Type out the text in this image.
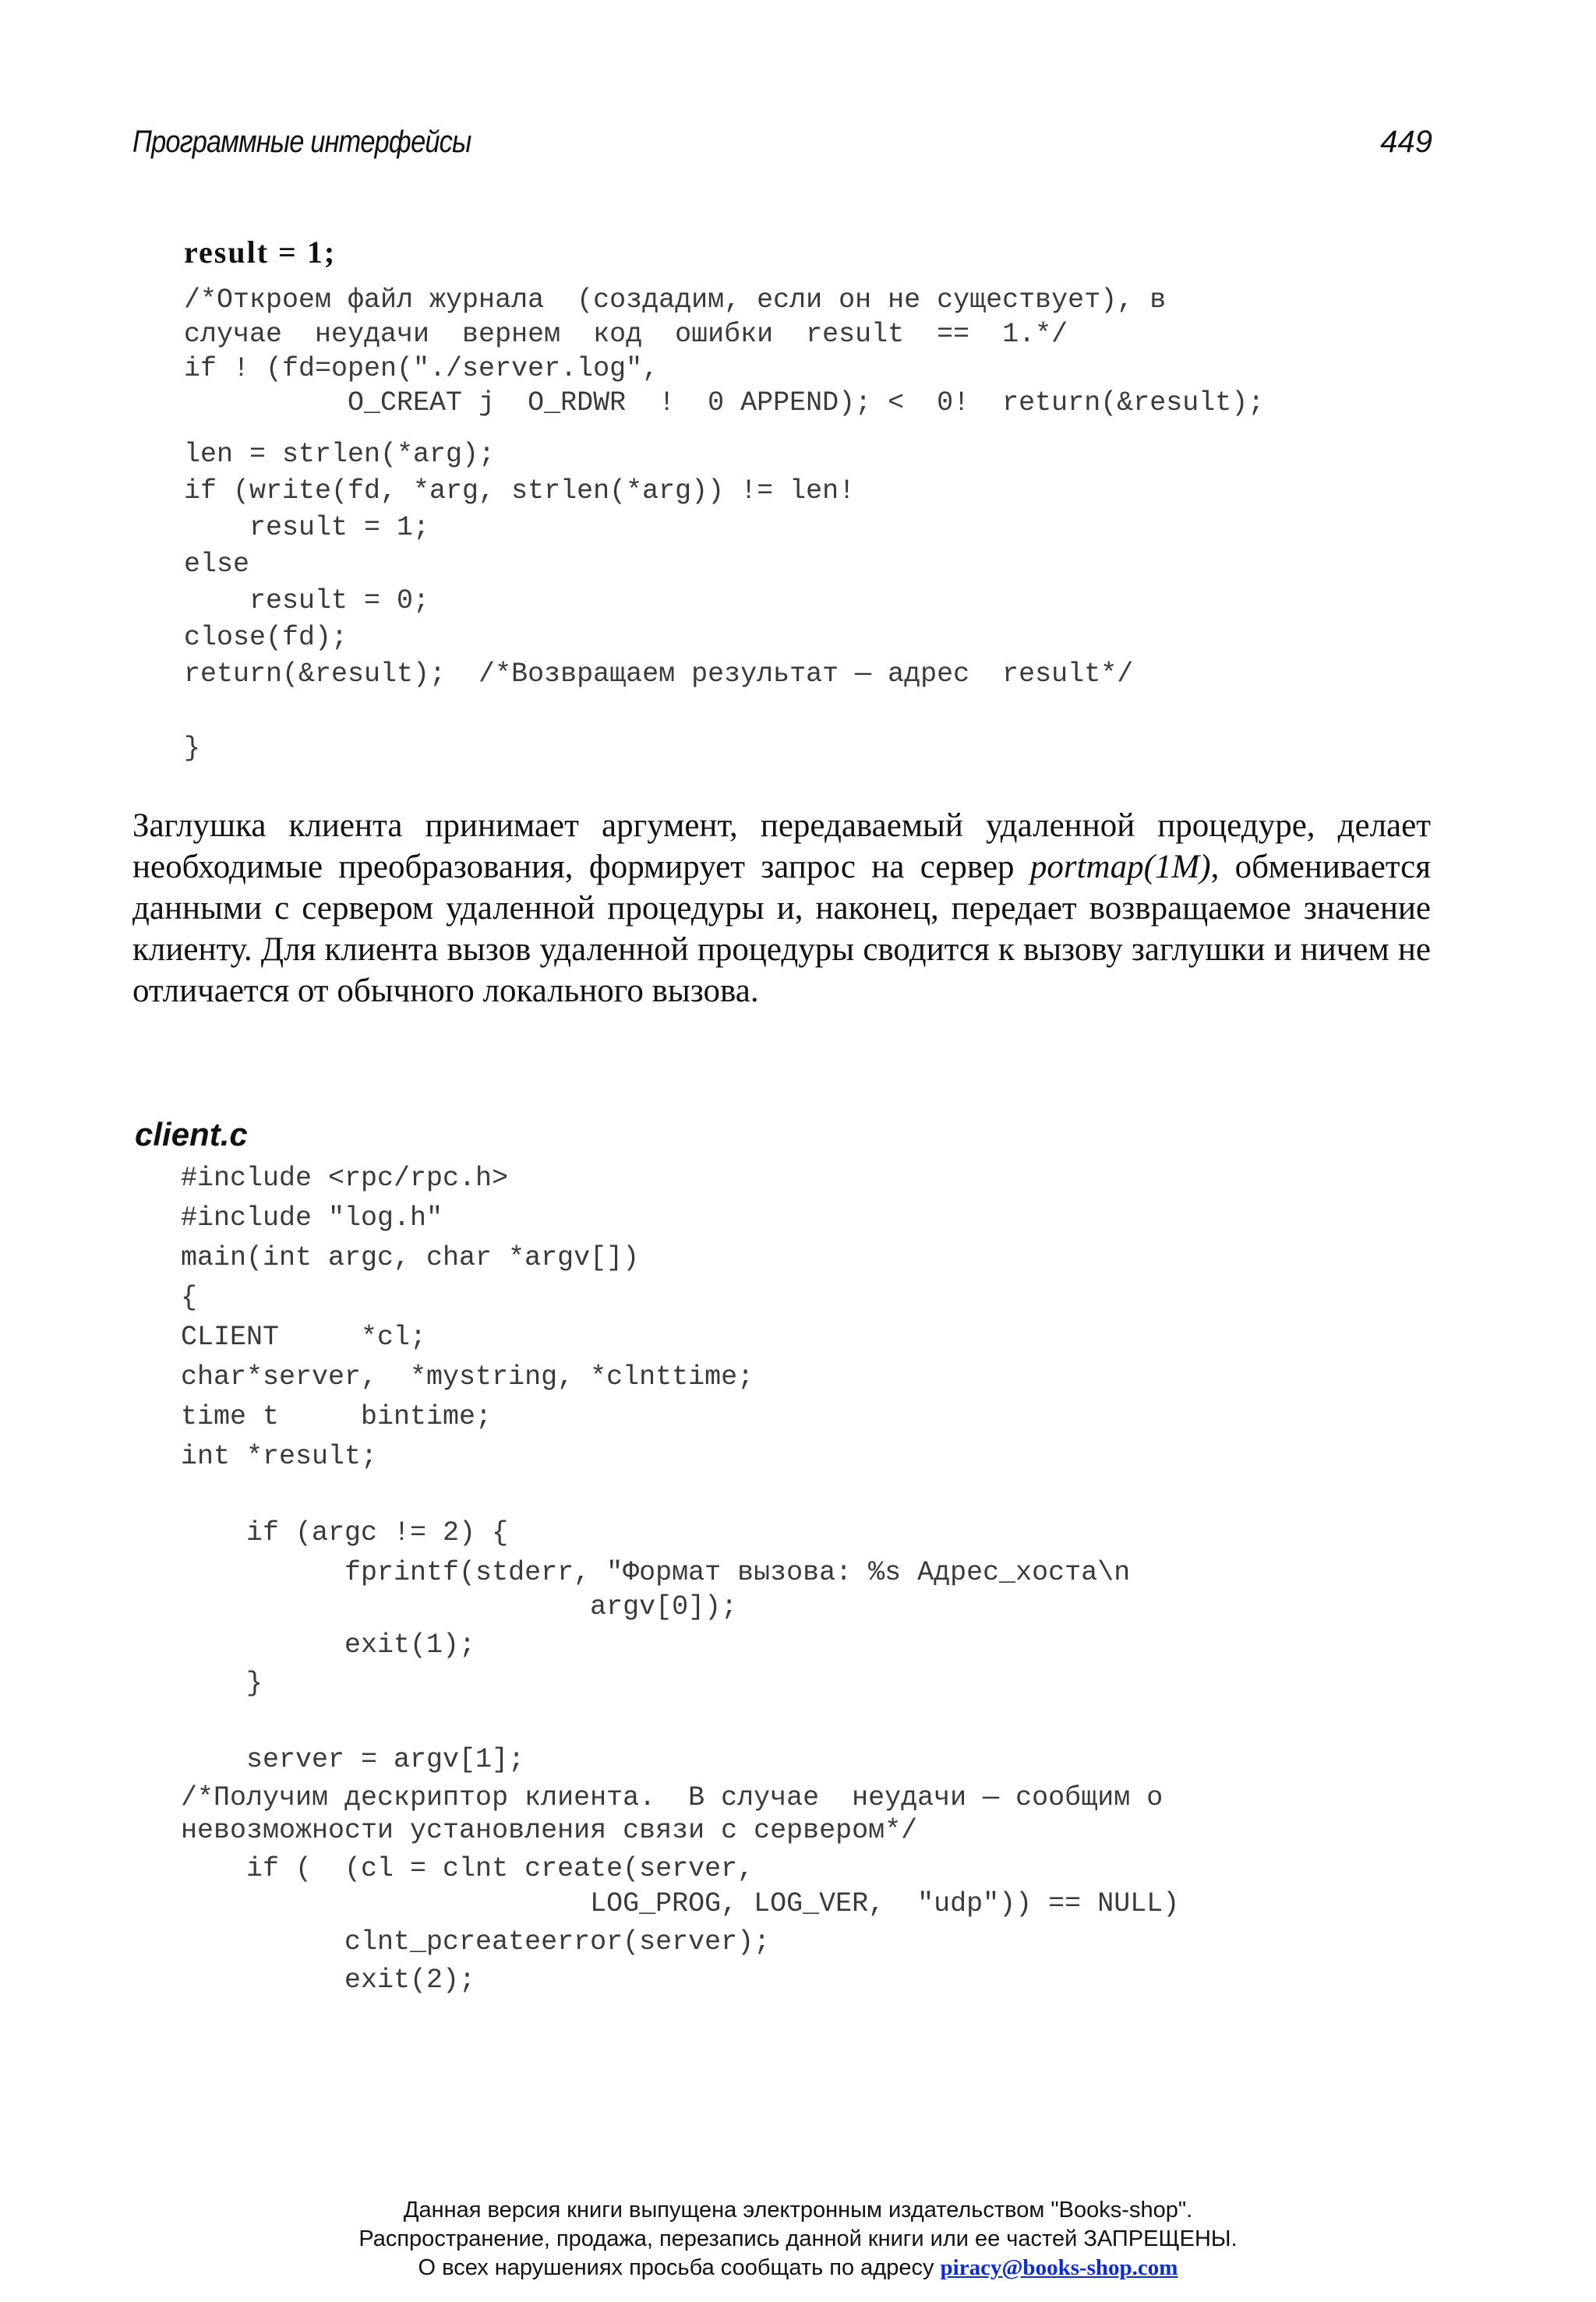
Программные интерфейсы	449

result = 1;

/*Откроем файл журнала  (создадим, если он не существует), в

случае  неудачи  вернем  код  ошибки  result  ==  1.*/

if ! (fd=open("./server.log",

O_CREAT j  O_RDWR  !  0 APPEND); <  0!  return(&result);

len = strlen(*arg);

if (write(fd, *arg, strlen(*arg)) != len!

result = 1;

else

result = 0;

close(fd);

return(&result);  /*Возвращаем результат — адрес  result*/

}

Заглушка клиента принимает аргумент, передаваемый удаленной процедуре, делает необходимые преобразования, формирует запрос на сервер portmap(1M), обменивается данными с сервером удаленной процедуры и, наконец, передает возвращаемое значение клиенту. Для клиента вызов удаленной процедуры сводится к вызову заглушки и ничем не отличается от обычного локального вызова.
client.c

#include <rpc/rpc.h>

#include "log.h"

main(int argc, char *argv[])

{

CLIENT     *cl;

char*server,  *mystring, *clnttime;

time t     bintime;

int *result;

if (argc != 2) {

fprintf(stderr, "Формат вызова: %s Адрес_хоста\n

argv[0]);

exit(1);

}

server = argv[1];

/*Получим дескриптор клиента.  В случае  неудачи — сообщим о

невозможности установления связи с сервером*/

if (  (cl = clnt create(server,

LOG_PROG, LOG_VER,  "udp")) == NULL)

clnt_pcreateerror(server);

exit(2);

Данная версия книги выпущена электронным издательством "Books-shop".
Распространение, продажа, перезапись данной книги или ее частей ЗАПРЕЩЕНЫ.
О всех нарушениях просьба сообщать по адресу piracy@books-shop.com
